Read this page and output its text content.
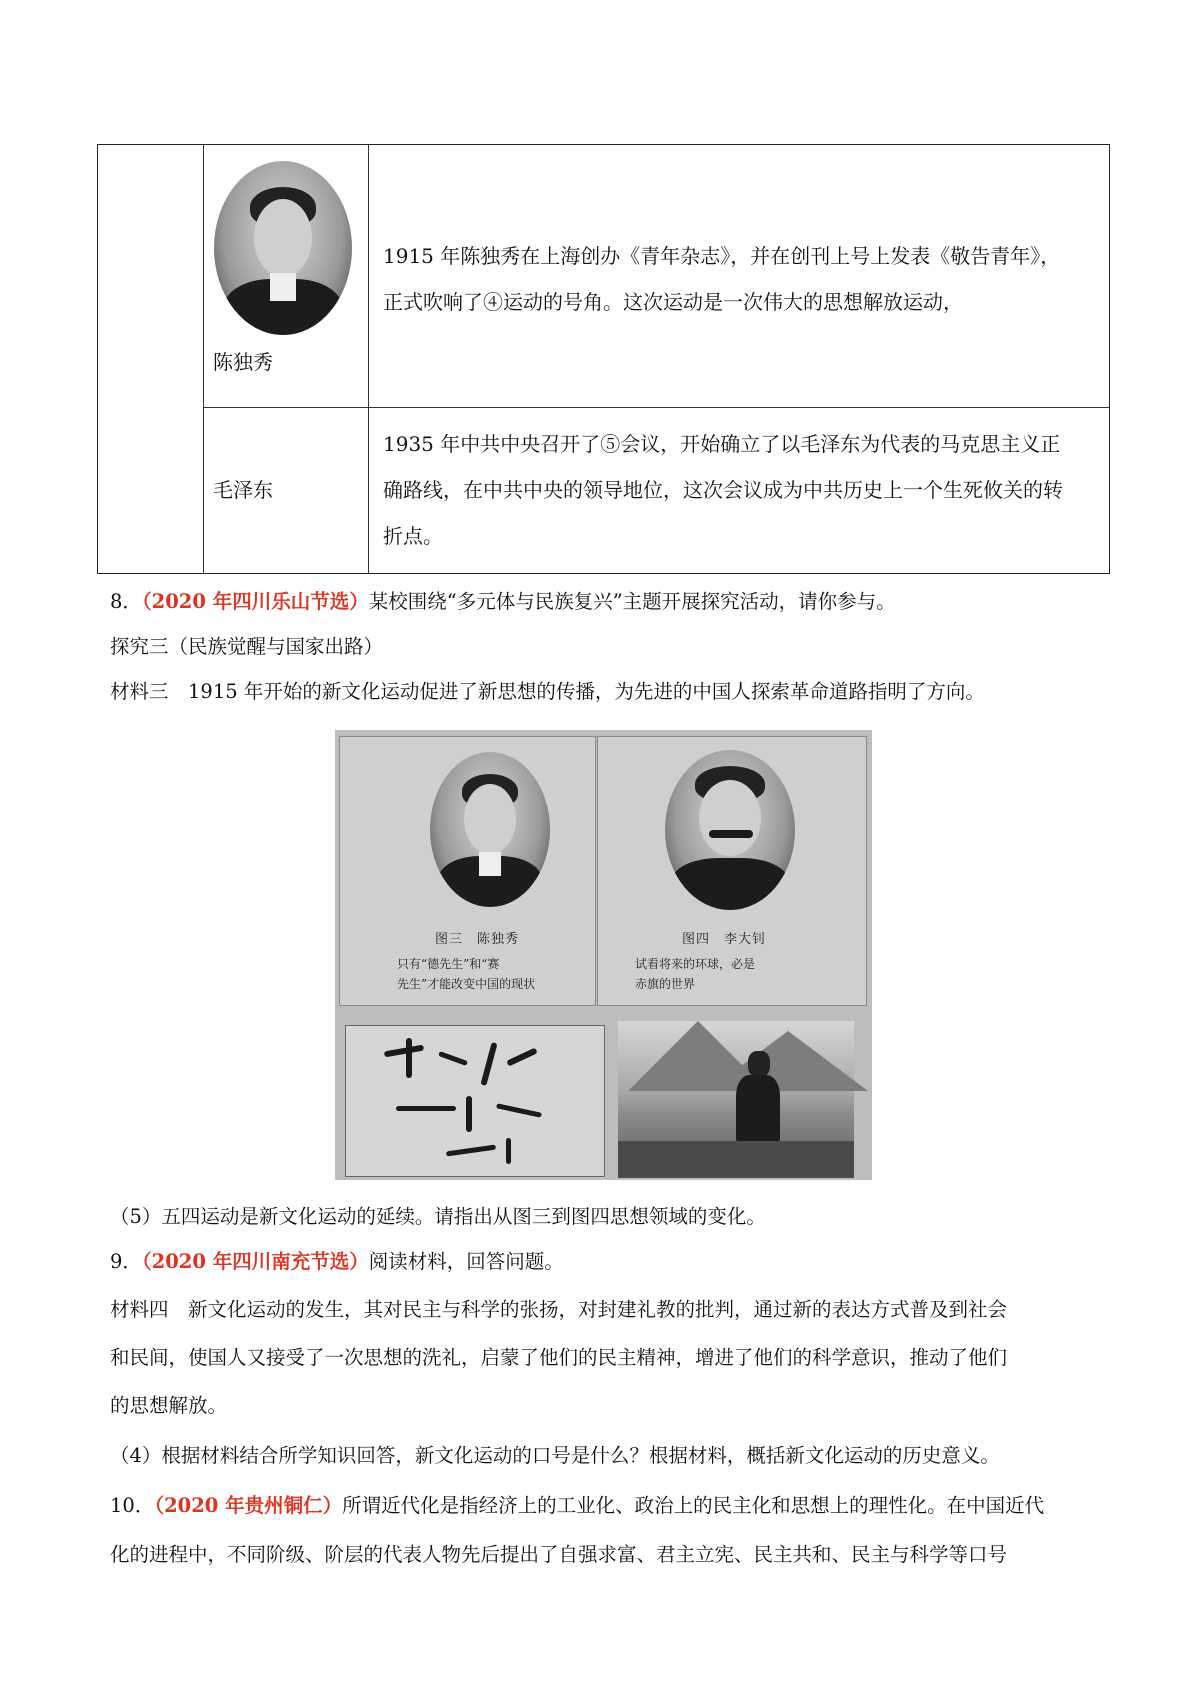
陈独秀
1915 年陈独秀在上海创办《青年杂志》，并在创刊上号上发表《敬告青年》，
正式吹响了④运动的号角。这次运动是一次伟大的思想解放运动，
毛泽东
1935 年中共中央召开了⑤会议，开始确立了以毛泽东为代表的马克思主义正
确路线，在中共中央的领导地位，这次会议成为中共历史上一个生死攸关的转
折点。
8．（2020 年四川乐山节选）某校围绕“多元体与民族复兴”主题开展探究活动，请你参与。
探究三（民族觉醒与国家出路）
材料三　1915 年开始的新文化运动促进了新思想的传播，为先进的中国人探索革命道路指明了方向。
图三　陈独秀	图四　李大钊
只有“德先生”和“赛
先生”才能改变中国的现状
试看将来的环球，必是
赤旗的世界
（5）五四运动是新文化运动的延续。请指出从图三到图四思想领域的变化。
9．（2020 年四川南充节选）阅读材料，回答问题。
材料四　新文化运动的发生，其对民主与科学的张扬，对封建礼教的批判，通过新的表达方式普及到社会
和民间，使国人又接受了一次思想的洗礼，启蒙了他们的民主精神，增进了他们的科学意识，推动了他们
的思想解放。
（4）根据材料结合所学知识回答，新文化运动的口号是什么？根据材料，概括新文化运动的历史意义。
10．（2020 年贵州铜仁）所谓近代化是指经济上的工业化、政治上的民主化和思想上的理性化。在中国近代
化的进程中，不同阶级、阶层的代表人物先后提出了自强求富、君主立宪、民主共和、民主与科学等口号
